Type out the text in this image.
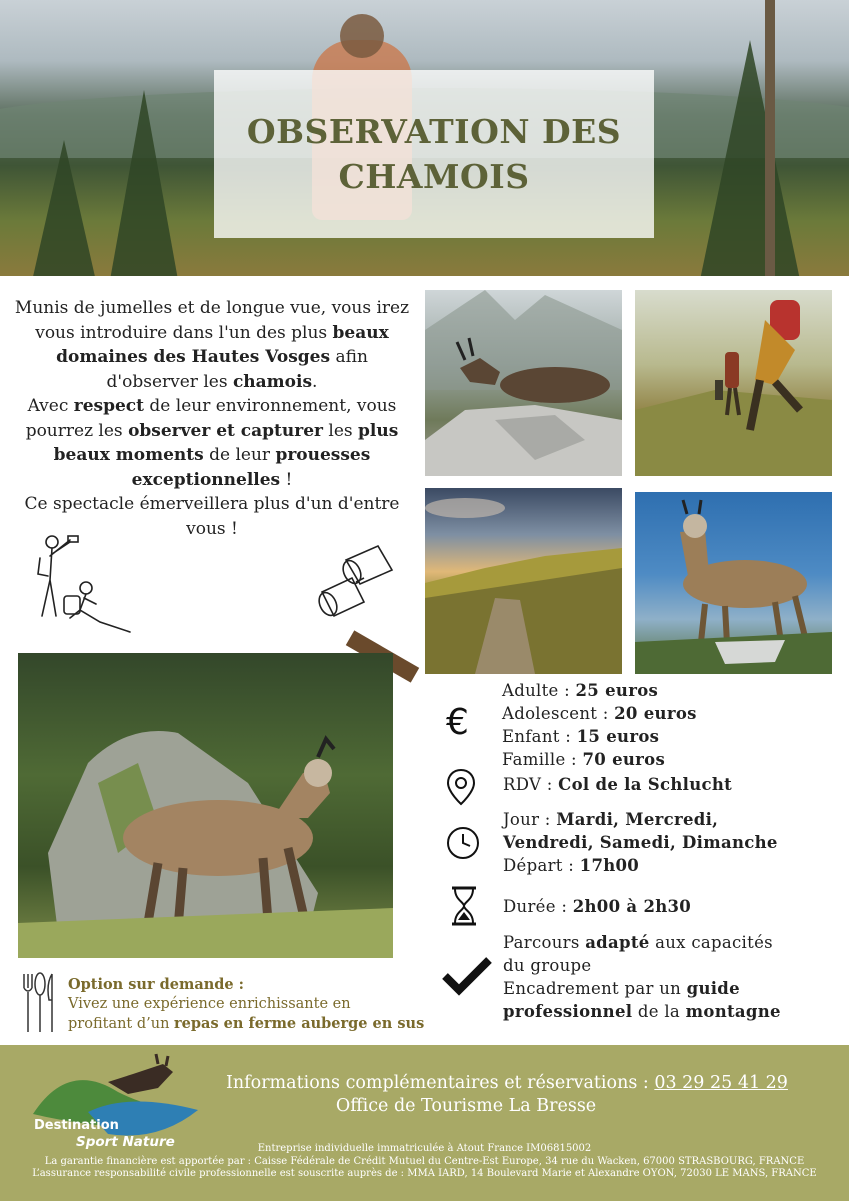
OBSERVATION DES
CHAMOIS
Munis de jumelles et de longue vue, vous irez vous introduire dans l'un des plus beaux domaines des Hautes Vosges afin d'observer les chamois.
Avec respect de leur environnement, vous pourrez les observer et capturer les plus beaux moments de leur prouesses exceptionnelles !
Ce spectacle émerveillera plus d'un d'entre vous !
€
Adulte : 25 euros
Adolescent : 20 euros
Enfant : 15 euros
Famille : 70 euros
RDV : Col de la Schlucht
Jour : Mardi, Mercredi,
Vendredi, Samedi, Dimanche
Départ : 17h00
Durée : 2h00 à 2h30
Parcours adapté aux capacités
du groupe
Encadrement par un guide
professionnel de la montagne
Option sur demande :
Vivez une expérience enrichissante en
profitant d’un repas en ferme auberge en sus
Destination
Sport Nature
Informations complémentaires et réservations : 03 29 25 41 29
Office de Tourisme La Bresse
Entreprise individuelle immatriculée à Atout France IM06815002
La garantie financière est apportée par : Caisse Fédérale de Crédit Mutuel du Centre-Est Europe, 34 rue du Wacken, 67000 STRASBOURG, FRANCE
L’assurance responsabilité civile professionnelle est souscrite auprès de : MMA IARD, 14 Boulevard Marie et Alexandre OYON, 72030 LE MANS, FRANCE
